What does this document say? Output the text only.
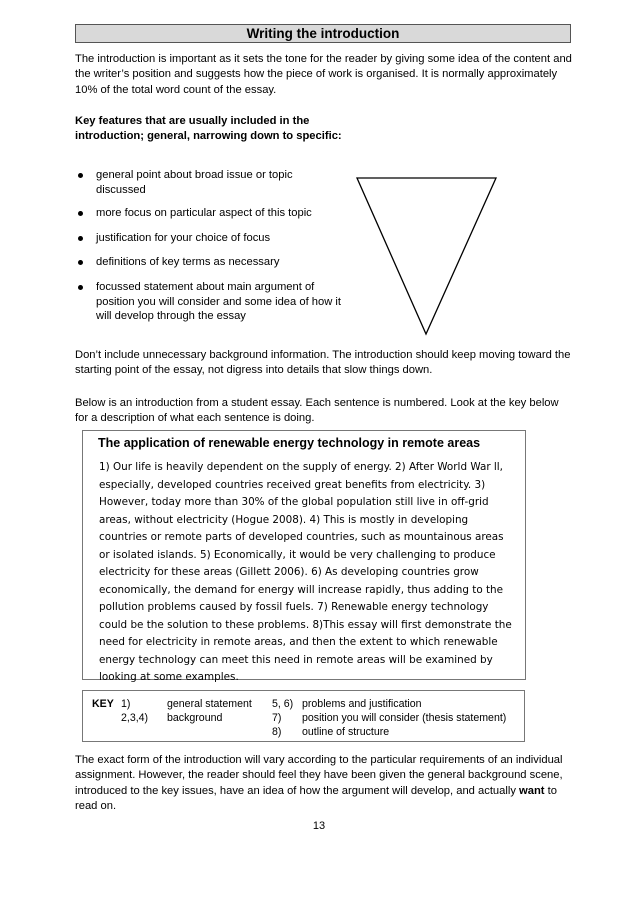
Writing the introduction
The introduction is important as it sets the tone for the reader by giving some idea of the content and the writer’s position and suggests how the piece of work is organised. It is normally approximately 10% of the total word count of the essay.
Key features that are usually included in the introduction; general, narrowing down to specific:
general point about broad issue or topic discussed
more focus on particular aspect of this topic
justification for your choice of focus
definitions of key terms as necessary
focussed statement about main argument of position you will consider and some idea of how it will develop through the essay
Don’t include unnecessary background information. The introduction should keep moving toward the starting point of the essay, not digress into details that slow things down.
Below is an introduction from a student essay. Each sentence is numbered. Look at the key below for a description of what each sentence is doing.
The application of renewable energy technology in remote areas
1) Our life is heavily dependent on the supply of energy. 2) After World War ll, especially, developed countries received great benefits from electricity. 3) However, today more than 30% of the global population still live in off-grid areas, without electricity (Hogue 2008). 4) This is mostly in developing countries or remote parts of developed countries, such as mountainous areas or isolated islands. 5) Economically, it would be very challenging to produce electricity for these areas (Gillett 2006). 6) As developing countries grow economically, the demand for energy will increase rapidly, thus adding to the pollution problems caused by fossil fuels. 7) Renewable energy technology could be the solution to these problems. 8)This essay will first demonstrate the need for electricity in remote areas, and then the extent to which renewable energy technology can meet this need in remote areas will be examined by looking at some examples.
KEY 1)	general statement
2,3,4) background
5, 6) problems and justification
7) position you will consider (thesis statement)
8) outline of structure
The exact form of the introduction will vary according to the particular requirements of an individual assignment. However, the reader should feel they have been given the general background scene, introduced to the key issues, have an idea of how the argument will develop, and actually want to read on.
13
